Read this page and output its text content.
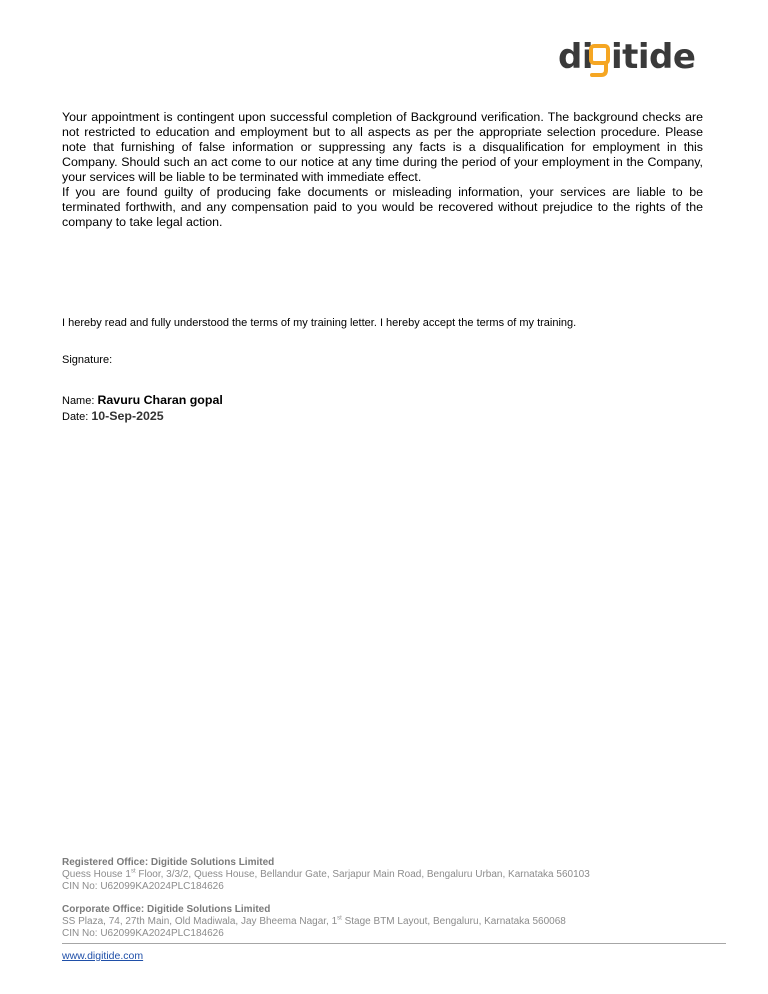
di itide

Your appointment is contingent upon successful completion of Background verification. The background checks are not restricted to education and employment but to all aspects as per the appropriate selection procedure. Please note that furnishing of false information or suppressing any facts is a disqualification for employment in this Company. Should such an act come to our notice at any time during the period of your employment in the Company, your services will be liable to be terminated with immediate effect.

If you are found guilty of producing fake documents or misleading information, your services are liable to be terminated forthwith, and any compensation paid to you would be recovered without prejudice to the rights of the company to take legal action.

I hereby read and fully understood the terms of my training letter. I hereby accept the terms of my training.

Signature:
Name: Ravuru Charan gopal
Date: 10-Sep-2025
Registered Office: Digitide Solutions Limited
Quess House 1st Floor, 3/3/2, Quess House, Bellandur Gate, Sarjapur Main Road, Bengaluru Urban, Karnataka 560103
CIN No: U62099KA2024PLC184626
Corporate Office: Digitide Solutions Limited
SS Plaza, 74, 27th Main, Old Madiwala, Jay Bheema Nagar, 1st Stage BTM Layout, Bengaluru, Karnataka 560068
CIN No: U62099KA2024PLC184626
www.digitide.com
